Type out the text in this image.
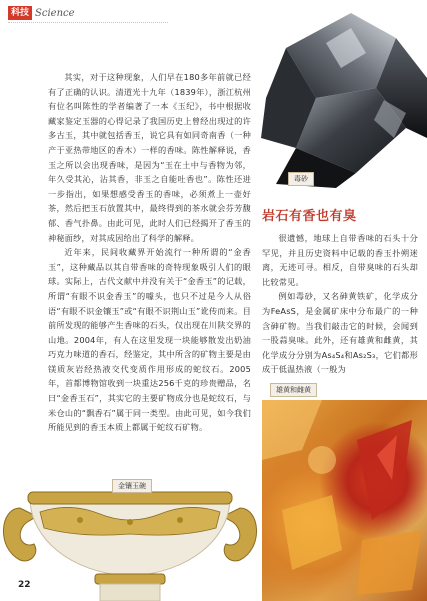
科技 Science
毒砂

其实，对于这种现象，人们早在180多年前就已经有了正确的认识。清道光十九年（1839年），浙江杭州有位名叫陈性的学者编著了一本《玉纪》，书中根据收藏家鉴定玉器的心得记录了我国历史上曾经出现过的许多古玉，其中就包括香玉，说它具有如同奇南香（一种产于亚热带地区的香木）一样的香味。陈性解释说，香玉之所以会出现香味，是因为“玉在土中与香物为邻，年久受其沁，沾其香，非玉之自能吐香也”。陈性还进一步指出，如果想感受香玉的香味，必须煮上一壶好茶，然后把玉石放置其中，最终得到的茶水就会芬芳馥郁、香气扑鼻。由此可见，此时人们已经揭开了香玉的神秘面纱，对其成因给出了科学的解释。

近年来，民间收藏界开始流行一种所谓的“金香玉”，这种藏品以其自带香味的奇特现象吸引人们的眼球。实际上，古代文献中并没有关于“金香玉”的记载，所谓“有眼不识金香玉”的噱头，也只不过是今人从俗语“有眼不识金镶玉”或“有眼不识荆山玉”讹传而来。目前所发现的能够产生香味的石头，仅出现在川陕交界的山地。2004年，有人在这里发现一块能够散发出奶油巧克力味道的香石，经鉴定，其中所含的矿物主要是由镁质灰岩经热液交代变质作用形成的蛇纹石。2005年，首都博物馆收到一块重达256千克的珍贵赠品，名曰“金香玉石”，其实它的主要矿物成分也是蛇纹石，与米仓山的“飘香石”属于同一类型。由此可见，如今我们所能见到的香玉本质上都属于蛇纹石矿物。

岩石有香也有臭

很遗憾，地球上自带香味的石头十分罕见，并且历史资料中记载的香玉扑朔迷离，无迹可寻。相反，自带臭味的石头却比较常见。

例如毒砂，又名砷黄铁矿，化学成分为FeAsS，是金属矿床中分布最广的一种含砷矿物。当我们敲击它的时候，会闻到一股蒜臭味。此外，还有雄黄和雌黄，其化学成分分别为As₄S₄和As₂S₃，它们都形成于低温热液（一般为

雄黄和雌黄
金镶玉碗
22
